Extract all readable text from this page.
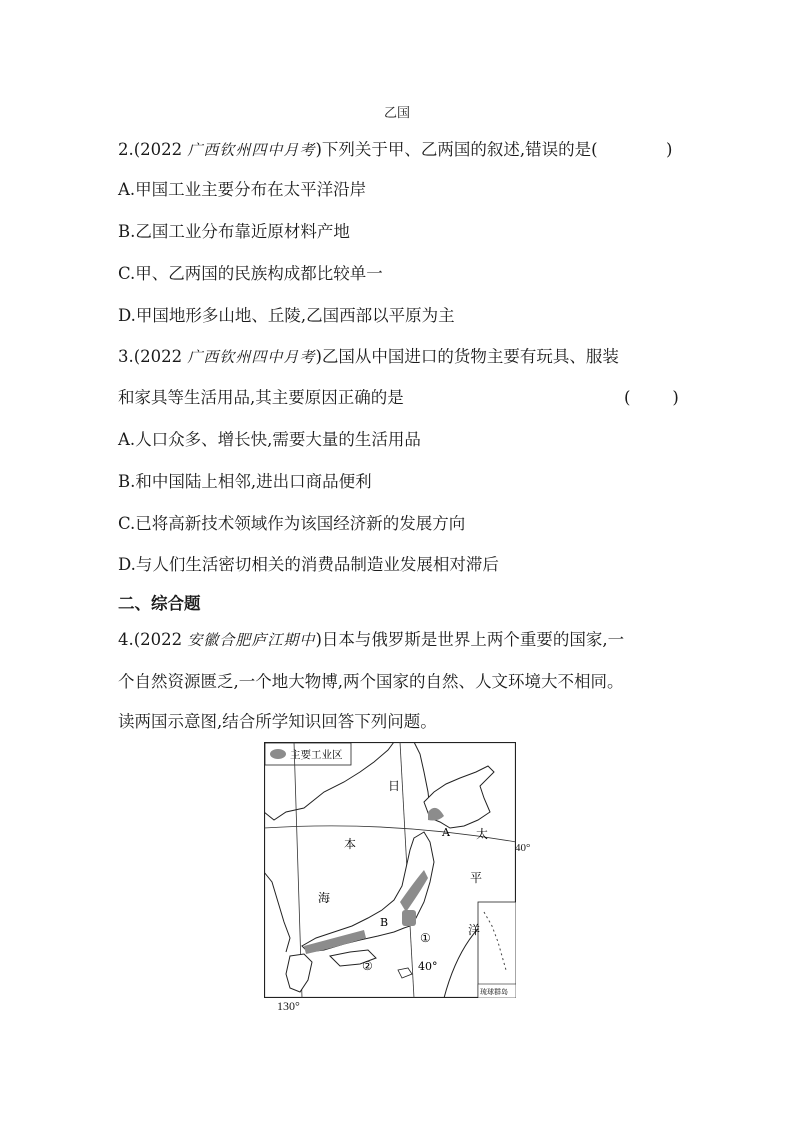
乙国
2.(2022 广西钦州四中月考)下列关于甲、乙两国的叙述,错误的是(	)
A.甲国工业主要分布在太平洋沿岸
B.乙国工业分布靠近原材料产地
C.甲、乙两国的民族构成都比较单一
D.甲国地形多山地、丘陵,乙国西部以平原为主
3.(2022 广西钦州四中月考)乙国从中国进口的货物主要有玩具、服装
和家具等生活用品,其主要原因正确的是	(        )
A.人口众多、增长快,需要大量的生活用品
B.和中国陆上相邻,进出口商品便利
C.已将高新技术领域作为该国经济新的发展方向
D.与人们生活密切相关的消费品制造业发展相对滞后
二、综合题
4.(2022 安徽合肥庐江期中)日本与俄罗斯是世界上两个重要的国家,一
个自然资源匮乏,一个地大物博,两个国家的自然、人文环境大不相同。
读两国示意图,结合所学知识回答下列问题。
主要工业区
琉球群岛
日
本
海
太
平
洋
A
B
①
②	40°
40°
130°
